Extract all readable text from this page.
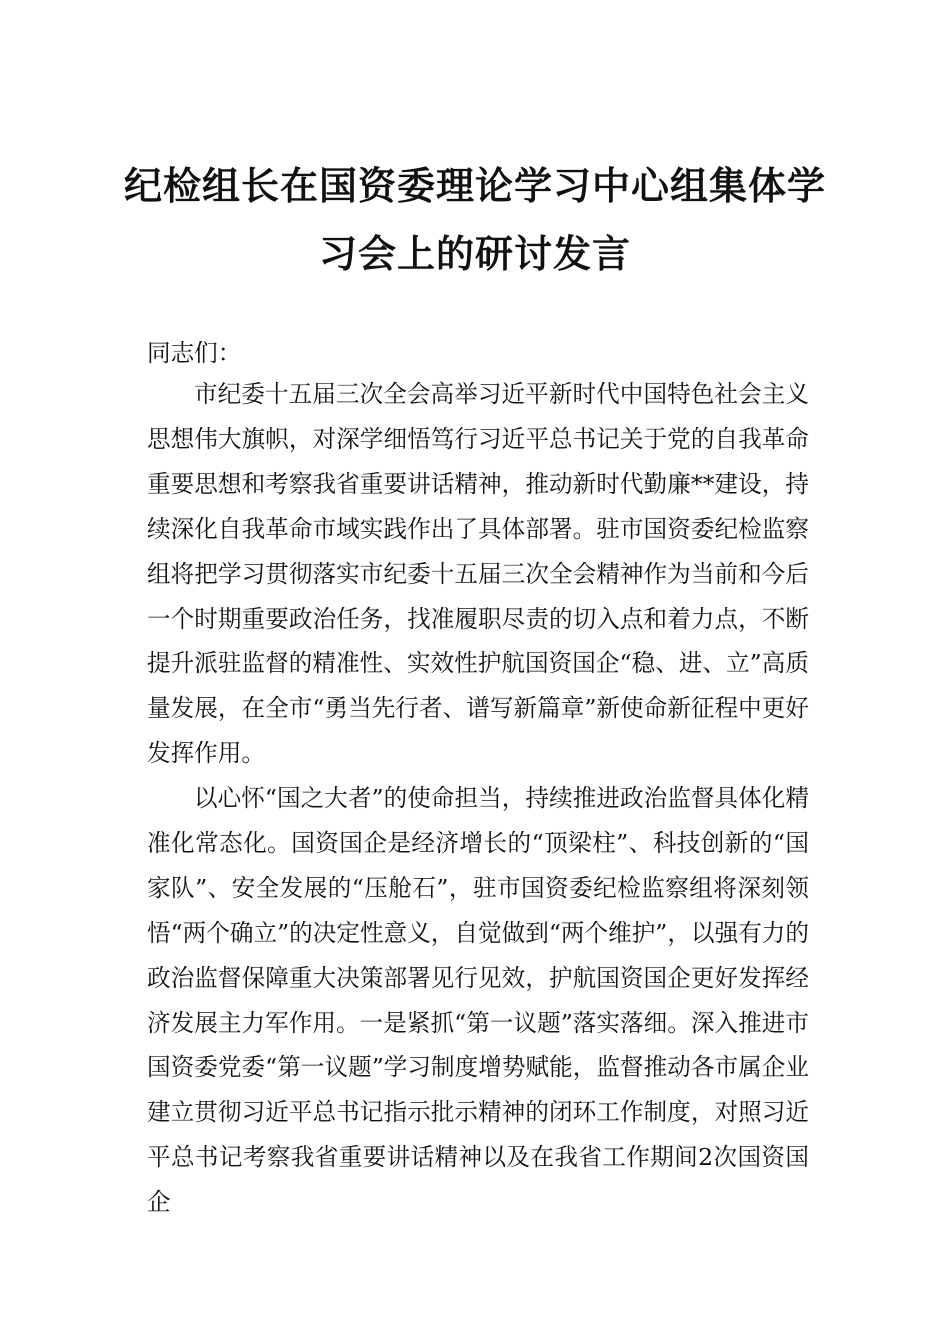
纪检组长在国资委理论学习中心组集体学
习会上的研讨发言
同志们：

市纪委十五届三次全会高举习近平新时代中国特色社会主义思想伟大旗帜，对深学细悟笃行习近平总书记关于党的自我革命重要思想和考察我省重要讲话精神，推动新时代勤廉**建设，持续深化自我革命市域实践作出了具体部署。驻市国资委纪检监察组将把学习贯彻落实市纪委十五届三次全会精神作为当前和今后一个时期重要政治任务，找准履职尽责的切入点和着力点，不断提升派驻监督的精准性、实效性护航国资国企“稳、进、立”高质量发展，在全市“勇当先行者、谱写新篇章”新使命新征程中更好发挥作用。

以心怀“国之大者”的使命担当，持续推进政治监督具体化精准化常态化。国资国企是经济增长的“顶梁柱”、科技创新的“国家队”、安全发展的“压舱石”，驻市国资委纪检监察组将深刻领悟“两个确立”的决定性意义，自觉做到“两个维护”，以强有力的政治监督保障重大决策部署见行见效，护航国资国企更好发挥经济发展主力军作用。一是紧抓“第一议题”落实落细。深入推进市国资委党委“第一议题”学习制度增势赋能，监督推动各市属企业建立贯彻习近平总书记指示批示精神的闭环工作制度，对照习近平总书记考察我省重要讲话精神以及在我省工作期间2次国资国企
